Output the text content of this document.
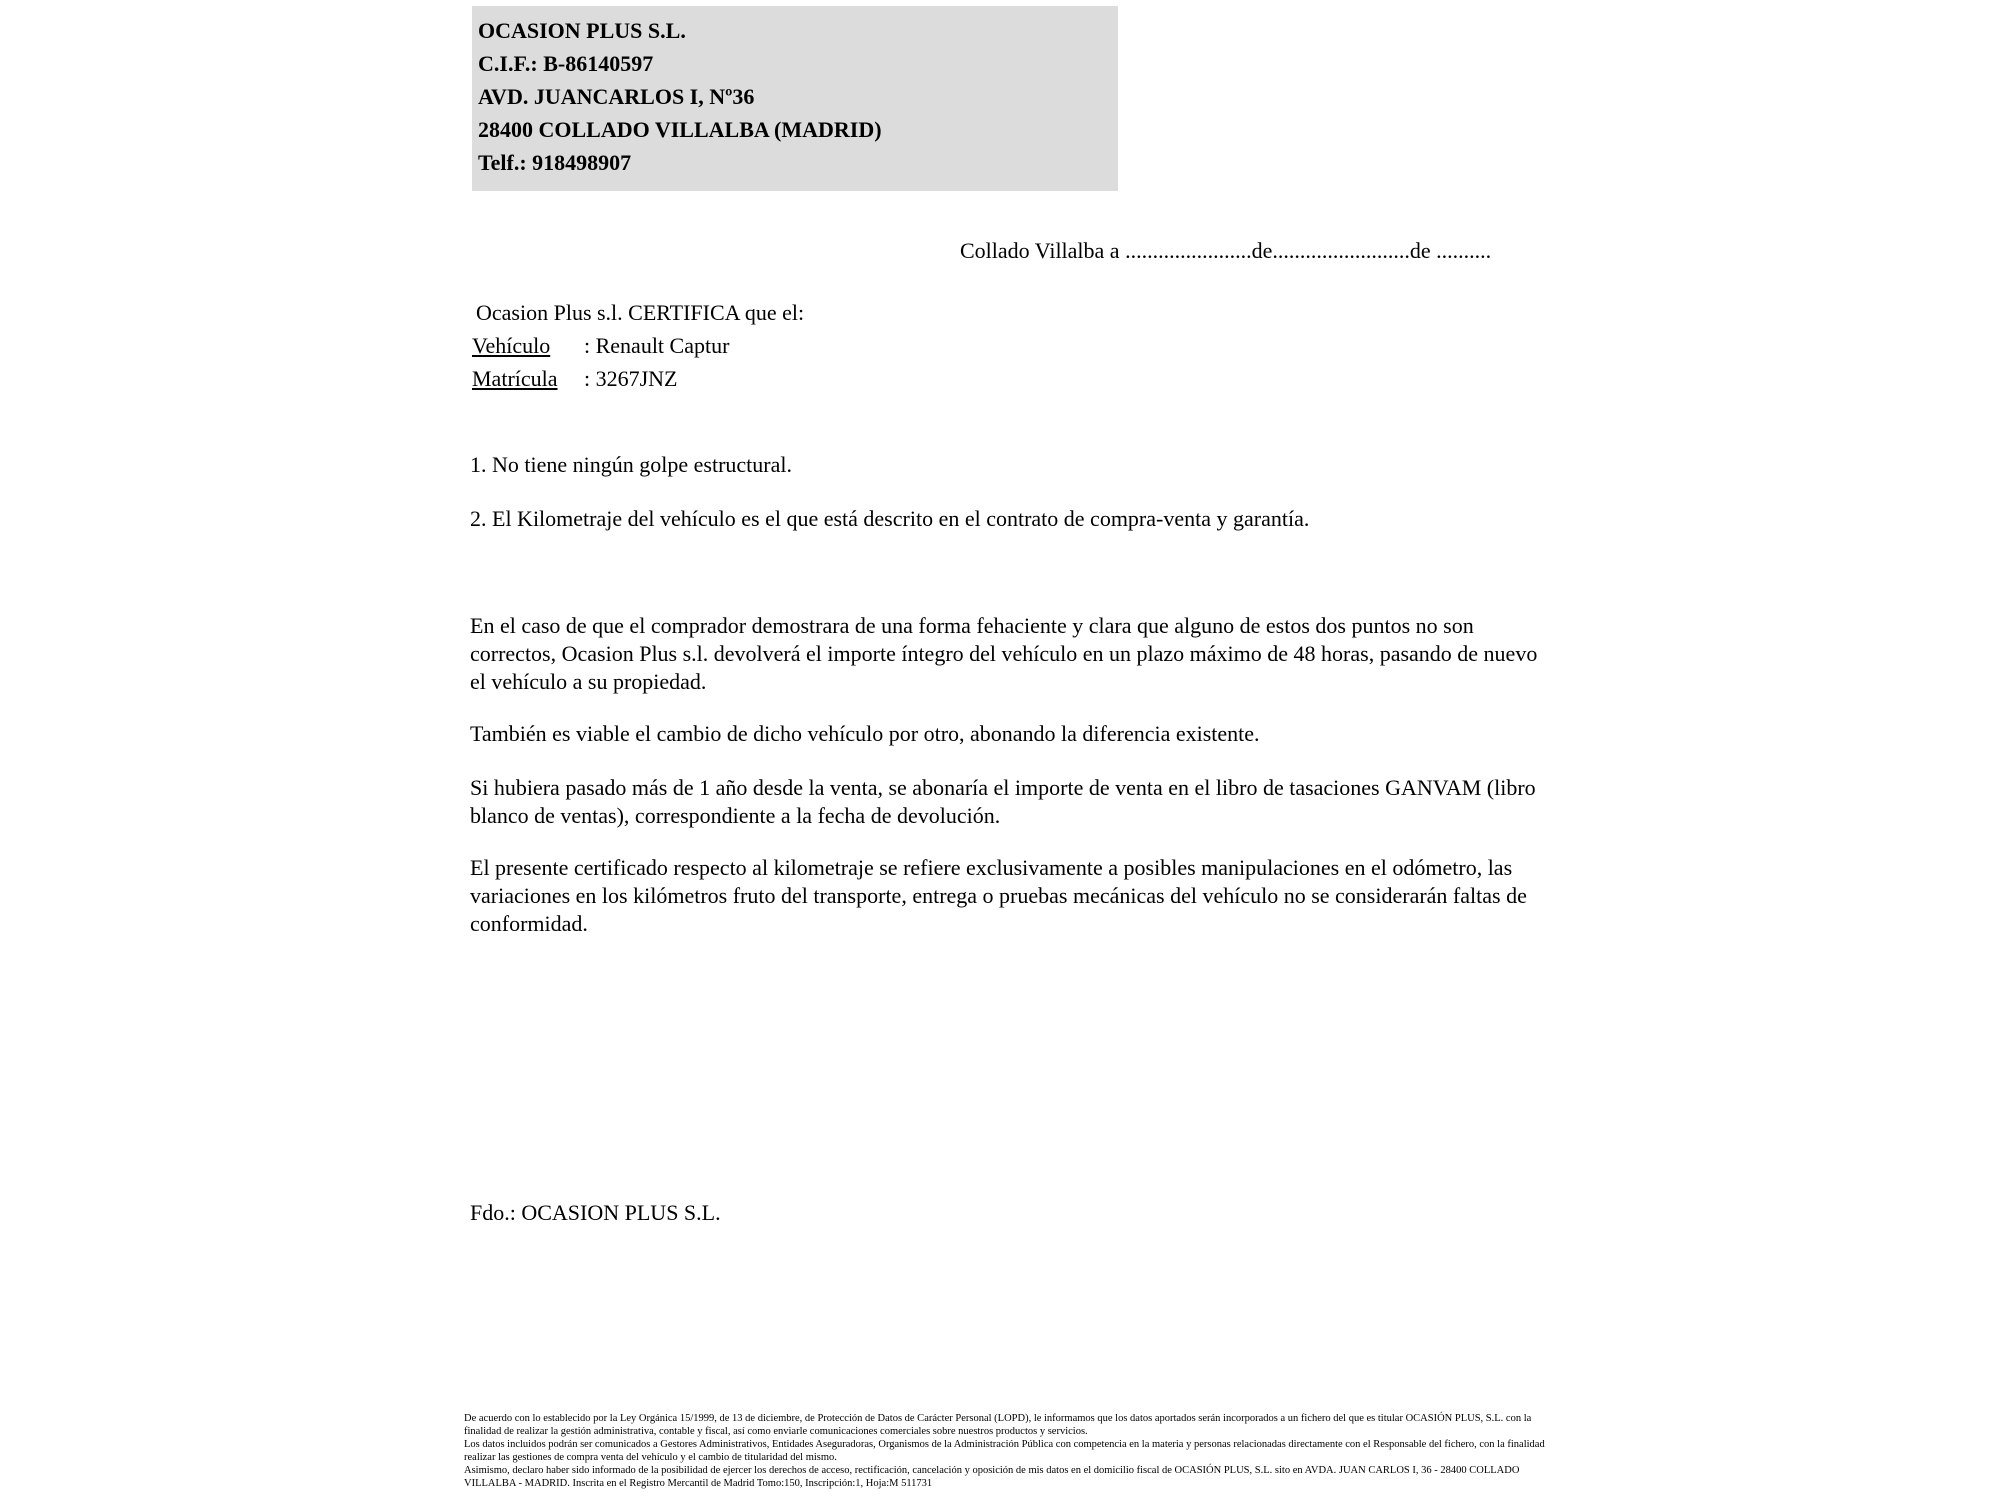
OCASION PLUS S.L.
C.I.F.: B-86140597
AVD. JUANCARLOS I, Nº36
28400 COLLADO VILLALBA (MADRID)
Telf.: 918498907
Collado Villalba a .......................de.........................de ..........
Ocasion Plus s.l. CERTIFICA que el:
Vehículo : Renault Captur
Matrícula : 3267JNZ
1. No tiene ningún golpe estructural.
2. El Kilometraje del vehículo es el que está descrito en el contrato de compra-venta y garantía.
En el caso de que el comprador demostrara de una forma fehaciente y clara que alguno de estos dos puntos no son correctos, Ocasion Plus s.l. devolverá el importe íntegro del vehículo en un plazo máximo de 48 horas, pasando de nuevo el vehículo a su propiedad.
También es viable el cambio de dicho vehículo por otro, abonando la diferencia existente.
Si hubiera pasado más de 1 año desde la venta, se abonaría el importe de venta en el libro de tasaciones GANVAM (libro blanco de ventas), correspondiente a la fecha de devolución.
El presente certificado respecto al kilometraje se refiere exclusivamente a posibles manipulaciones en el odómetro, las variaciones en los kilómetros fruto del transporte, entrega o pruebas mecánicas del vehículo no se considerarán faltas de conformidad.
Fdo.: OCASION PLUS S.L.

De acuerdo con lo establecido por la Ley Orgánica 15/1999, de 13 de diciembre, de Protección de Datos de Carácter Personal (LOPD), le informamos que los datos aportados serán incorporados a un fichero del que es titular OCASIÓN PLUS, S.L. con la finalidad de realizar la gestión administrativa, contable y fiscal, así como enviarle comunicaciones comerciales sobre nuestros productos y servicios.

Los datos incluidos podrán ser comunicados a Gestores Administrativos, Entidades Aseguradoras, Organismos de la Administración Pública con competencia en la materia y personas relacionadas directamente con el Responsable del fichero, con la finalidad realizar las gestiones de compra venta del vehículo y el cambio de titularidad del mismo.

Asimismo, declaro haber sido informado de la posibilidad de ejercer los derechos de acceso, rectificación, cancelación y oposición de mis datos en el domicilio fiscal de OCASIÓN PLUS, S.L. sito en AVDA. JUAN CARLOS I, 36 - 28400 COLLADO VILLALBA - MADRID. Inscrita en el Registro Mercantil de Madrid Tomo:150, Inscripción:1, Hoja:M 511731
